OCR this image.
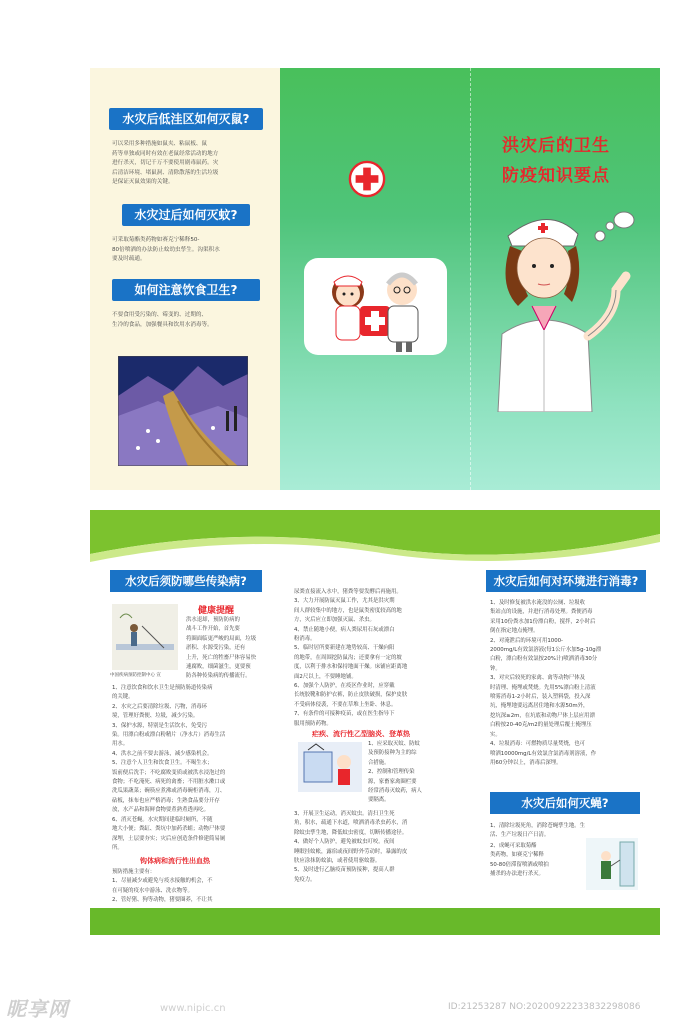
水灾后低洼区如何灭鼠?
可以采用多种措施如鼠夹、粘鼠板、鼠
药等单独或同时有效在老鼠经常活动的地方
进行杀灭，切记千万不要使用剧毒鼠药。灾
后清洁环境、堵鼠洞、清除散落的生活垃圾
是保证灭鼠效果的关键。
水灾过后如何灭蚊?
可采取菊酯类药物如赛克宁稀释50-
80倍喷洒的办法防止蚊幼虫孳生。沟渠积水
要及时疏通。
如何注意饮食卫生?
不要食用受污染的、霉变的、过期的、
生冷的食品，加强餐具和饮用水消毒等。
洪灾后的卫生
防疫知识要点
水灾后须防哪些传染病?
中国疾病预防控制中心 宣
健康提醒
洪水退却，预防防病的
战斗工作开始，首先要
将圈面临更严峻的局面，垃圾
淤积、水源受污染，还有
上升，死亡的牲畜尸体容易快
速腐败，细菌滋生，更要预
防各种传染病的传播流行。
1、注意饮食和饮水卫生是预防肠道传染病
的关键。
2、水灾之后要清除垃圾、污物，消毒环
境，管理好粪便、垃圾，减少污染。
3、保护水源，特别是生活饮水，免受污
染。用漂白粉或漂白粉精片（净水片）消毒生活
用水。
4、洪水之前不要去游泳，减少感染机会。
5、注意个人卫生和饮食卫生。不喝生水；
饭前便后洗手；不吃腐败变质或被洪水浸泡过的
食物；不吃淹死、病死的禽畜；不用脏水漱口或
洗瓜果蔬菜；碗筷应煮沸或消毒碗柜消毒，刀、
砧板，抹布也应严格消毒；生熟食品要分开存
放，水产品和海鲜食物要煮熟煮透再吃。
6、消灭苍蝇。水灾期间建临时厕所，不随
地大小便；粪缸、粪坑中加药杀蛆；动物尸体要
深埋，土层要夯实；灾后应创造条件修建简易厕
所。
钩体病和流行性出血热
预防措施主要有：
1、尽量减少或避免与疫水接触的机会，不
在可疑的疫水中游泳、洗衣物等。
2、管好猪、狗等动物，猪要圈养，不让其
尿粪直接流入水中，猪粪等要发酵后再施用。
3、大力开展防鼠灭鼠工作，尤其是洪灾期
间人群较集中的地方，也是鼠类密度较高的地
方，灾后应立即加强灭鼠、杀虫。
4、禁止随地小便，病人粪尿用石灰或漂白
粉消毒。
5、临时居所要新建在地势较高、干燥向阳
的地带，在周围挖防鼠沟；还要拿有一定的坡
度，以利于排水和保持地面干燥。床铺应距离地
面2尺以上，不要睡地铺。
6、加强个人防护，在疫区作业时，应穿戴
长统胶靴和防护衣裤，防止皮肤破损，保护皮肤
不受病体侵袭，不要在草堆上坐卧、休息。
7、有条件的可接种疫苗，或在医生指导下
服用预防药物。
疟疾、流行性乙型脑炎、登革热
1、应采取灭蚊、防蚊
及预防接种为主的综
合措施。
2、控制和管理传染
源，家畜家禽圈栏要
经常消毒灭蚊药，病人
要隔离。
3、开展卫生运动，消灭蚊虫。清扫卫生死
角，积水，疏通下水道，喷洒消毒杀虫药水，消
除蚊虫孳生地，降低蚊虫密度，切断传播途径。
4、做好个人防护，避免被蚊虫叮咬。夜间
睡眠挂蚊帐，露宿或夜间野外劳动时，暴露的皮
肤应涂抹防蚊油，或者使用驱蚊器。
5、及时进行乙脑疫苗预防接种，提高人群
免疫力。
水灾后如何对环境进行消毒?
1、及时修复被洪水淹没的公厕、垃圾收
集站点的设施，并进行消毒处理。粪便消毒
采用10份粪水加1份漂白粉，搅拌，2小时后
倒在指定地点掩埋。
2、对淹泄后的环境可用1000-
2000mg/L有效氯溶液(每1公斤水加5g-10g漂
白粉，漂白粉有效氯按20%计)喷洒消毒30分
钟。
3、对灾后较死的家禽、禽等动物尸体及
时清理、掩埋或焚烧。先用5%漂白粉上清液
喷雾消毒1-2小时后，装入塑料袋，投入深
坑，掩埋地要远离居住地和水源50m外，
挖坑深≥2m，在坑底和动物尸体上层应用漂
白粉按20-40克/m2的量处理后覆土掩埋压
实。
4、垃圾消毒：可燃物质尽量焚烧，也可
喷洒10000mg/L有效氯含氯消毒剂溶液，作
用60分钟以上，消毒后深埋。
水灾后如何灭蝇?
1、清除垃圾死角，消除苍蝇孳生地。生
活、生产垃圾日产日清。
2、成蝇可采取菊酯
类药物，如赛克宁稀释
50-80倍滞留喷洒或喷拍
捕杀的办法进行杀灭。
昵享网	www.nipic.cn	ID:21253287 NO:20200922233832298086
